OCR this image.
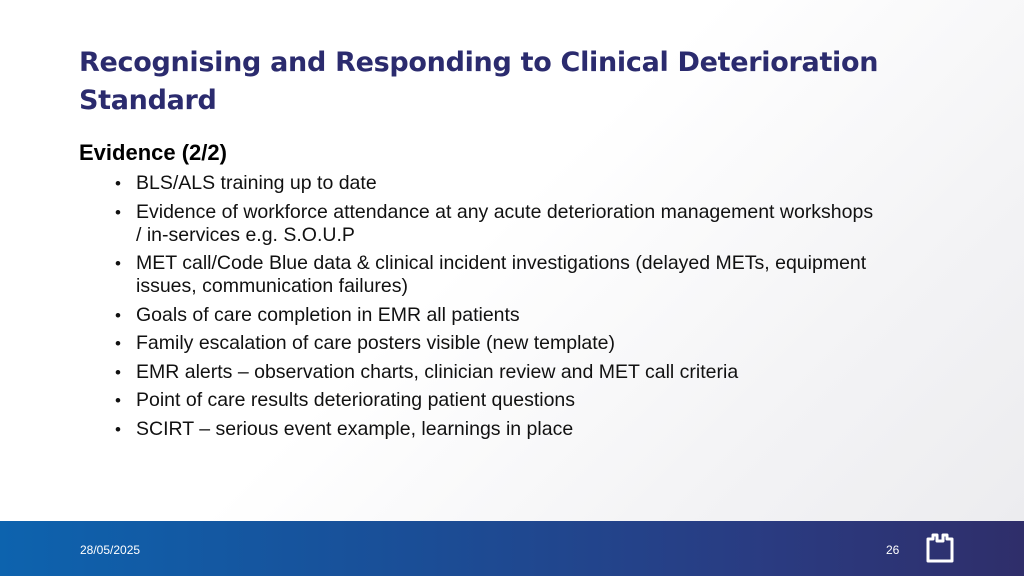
Recognising and Responding to Clinical Deterioration Standard
Evidence (2/2)
• BLS/ALS training up to date
• Evidence of workforce attendance at any acute deterioration management workshops / in-services e.g. S.O.U.P
• MET call/Code Blue data & clinical incident investigations (delayed METs, equipment issues, communication failures)
• Goals of care completion in EMR all patients
• Family escalation of care posters visible (new template)
• EMR alerts – observation charts, clinician review and MET call criteria
• Point of care results deteriorating patient questions
• SCIRT – serious event example, learnings in place
28/05/2025	26
